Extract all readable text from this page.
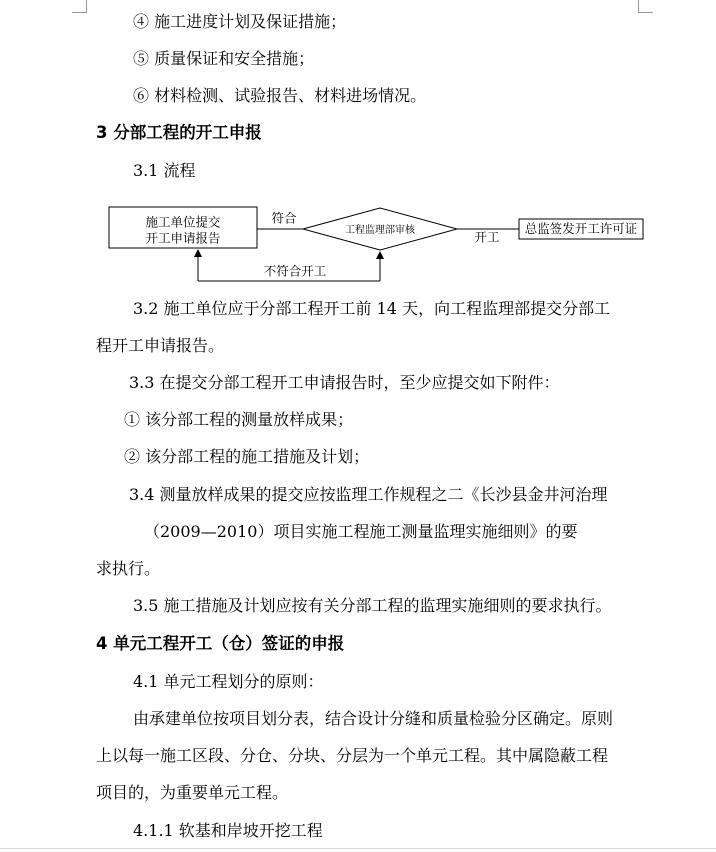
④ 施工进度计划及保证措施；
⑤ 质量保证和安全措施；
⑥ 材料检测、试验报告、材料进场情况。
3 分部工程的开工申报
3.1 流程
施工单位提交
开工申请报告
符合
工程监理部审核	开工
总监签发开工许可证
不符合开工
3.2 施工单位应于分部工程开工前 14 天，向工程监理部提交分部工
程开工申请报告。
3.3 在提交分部工程开工申请报告时，至少应提交如下附件：
① 该分部工程的测量放样成果；
② 该分部工程的施工措施及计划；
3.4 测量放样成果的提交应按监理工作规程之二《长沙县金井河治理
（2009—2010）项目实施工程施工测量监理实施细则》的要
求执行。
3.5 施工措施及计划应按有关分部工程的监理实施细则的要求执行。
4 单元工程开工（仓）签证的申报
4.1 单元工程划分的原则：
由承建单位按项目划分表，结合设计分缝和质量检验分区确定。原则
上以每一施工区段、分仓、分块、分层为一个单元工程。其中属隐蔽工程
项目的，为重要单元工程。
4.1.1 软基和岸坡开挖工程
